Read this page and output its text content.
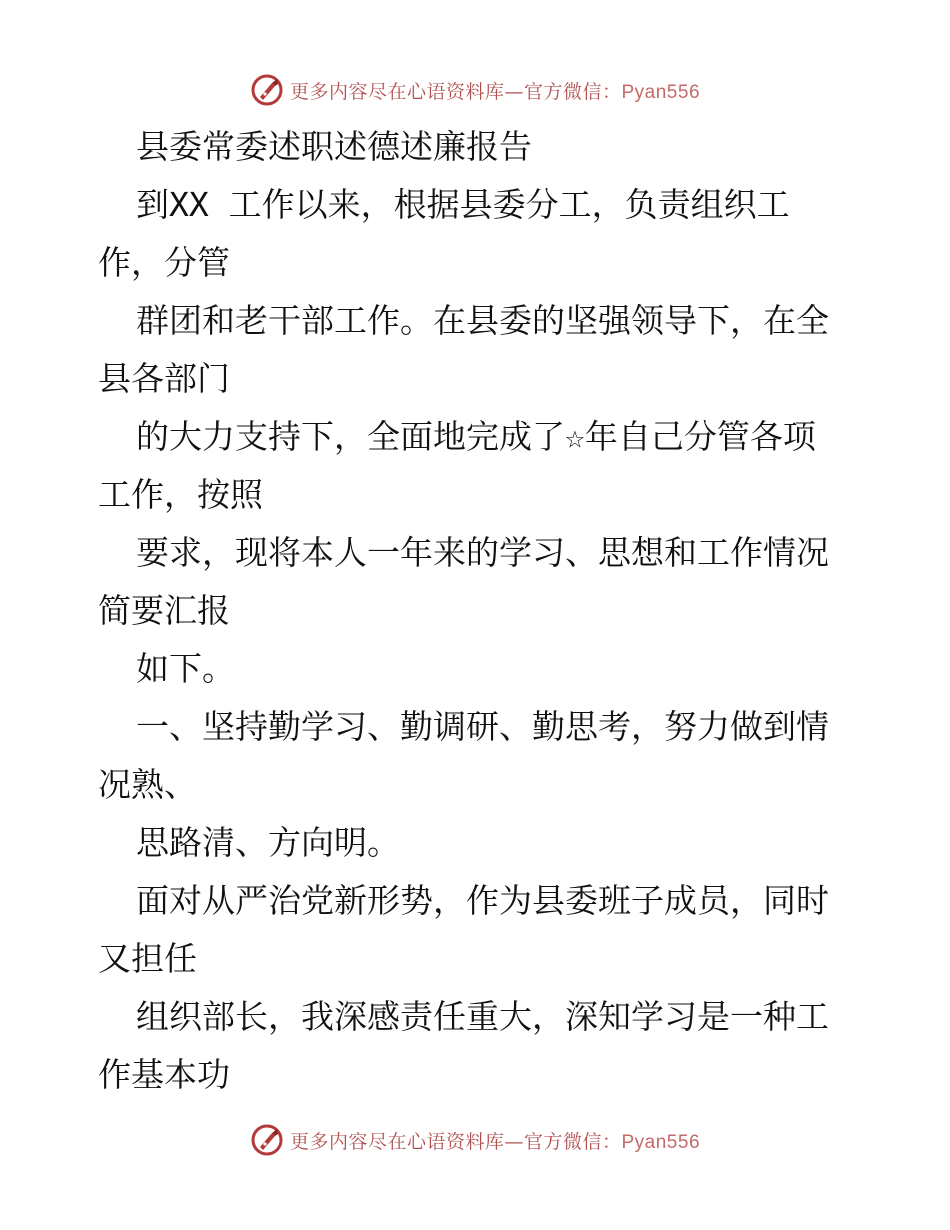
更多内容尽在心语资料库—官方微信：Pyan556
县委常委述职述德述廉报告
到XX 工作以来，根据县委分工，负责组织工
作，分管
群团和老干部工作。在县委的坚强领导下，在全
县各部门
的大力支持下，全面地完成了☆年自己分管各项
工作，按照
要求，现将本人一年来的学习、思想和工作情况
简要汇报
如下。
一、坚持勤学习、勤调研、勤思考，努力做到情
况熟、
思路清、方向明。
面对从严治党新形势，作为县委班子成员，同时
又担任
组织部长，我深感责任重大，深知学习是一种工
作基本功
更多内容尽在心语资料库—官方微信：Pyan556
